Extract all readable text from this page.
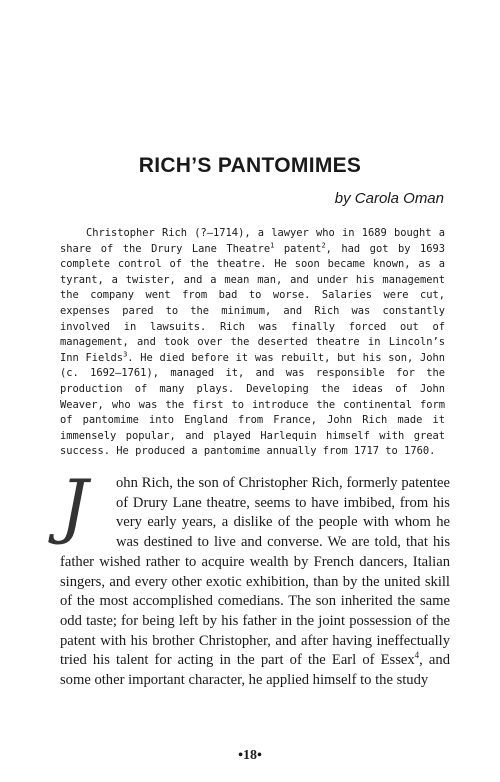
RICH’S PANTOMIMES
by Carola Oman

Christopher Rich (?–1714), a lawyer who in 1689 bought a share of the Drury Lane Theatre$^1$ patent$^2$, had got by 1693 complete control of the theatre. He soon became known, as a tyrant, a twister, and a mean man, and under his management the company went from bad to worse. Salaries were cut, expenses pared to the minimum, and Rich was constantly involved in lawsuits. Rich was finally forced out of management, and took over the deserted theatre in Lincoln’s Inn Fields$^3$. He died before it was rebuilt, but his son, John (c. 1692–1761), managed it, and was responsible for the production of many plays. Developing the ideas of John Weaver, who was the first to introduce the continental form of pantomime into England from France, John Rich made it immensely popular, and played Harlequin himself with great success. He produced a pantomime annually from 1717 to 1760.

J	ohn Rich, the son of Christopher Rich, formerly patentee of Drury Lane theatre, seems to have imbibed, from his very early years, a dislike of the people with whom he was destined to live and converse. We are told, that his father wished rather to acquire wealth by French dancers, Italian singers, and every other exotic exhibition, than by the united skill of the most accomplished comedians. The son inherited the same odd taste; for being left by his father in the joint possession of the patent with his brother Christopher, and after having ineffectually tried his talent for acting in the part of the Earl of Essex$^4$, and some other important character, he applied himself to the study

•18•
